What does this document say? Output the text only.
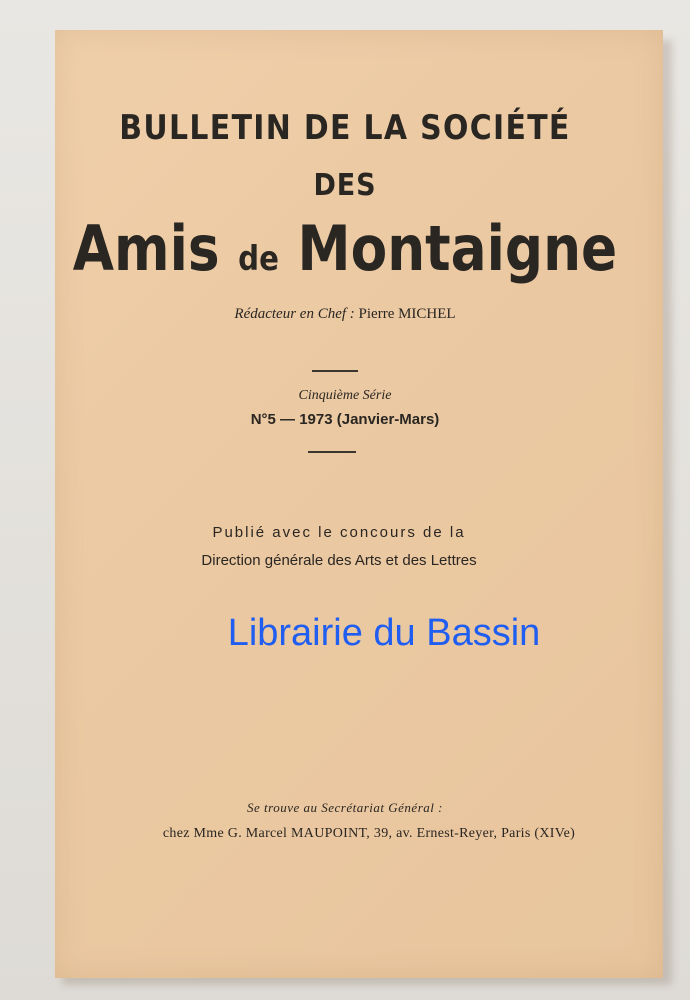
BULLETIN DE LA SOCIÉTÉ
DES
Amis de Montaigne
Rédacteur en Chef : Pierre MICHEL
Cinquième Série
N°5 — 1973 (Janvier-Mars)
Publié avec le concours de la
Direction générale des Arts et des Lettres
Librairie du Bassin
Se trouve au Secrétariat Général :
chez Mme G. Marcel MAUPOINT, 39, av. Ernest-Reyer, Paris (XIVe)
